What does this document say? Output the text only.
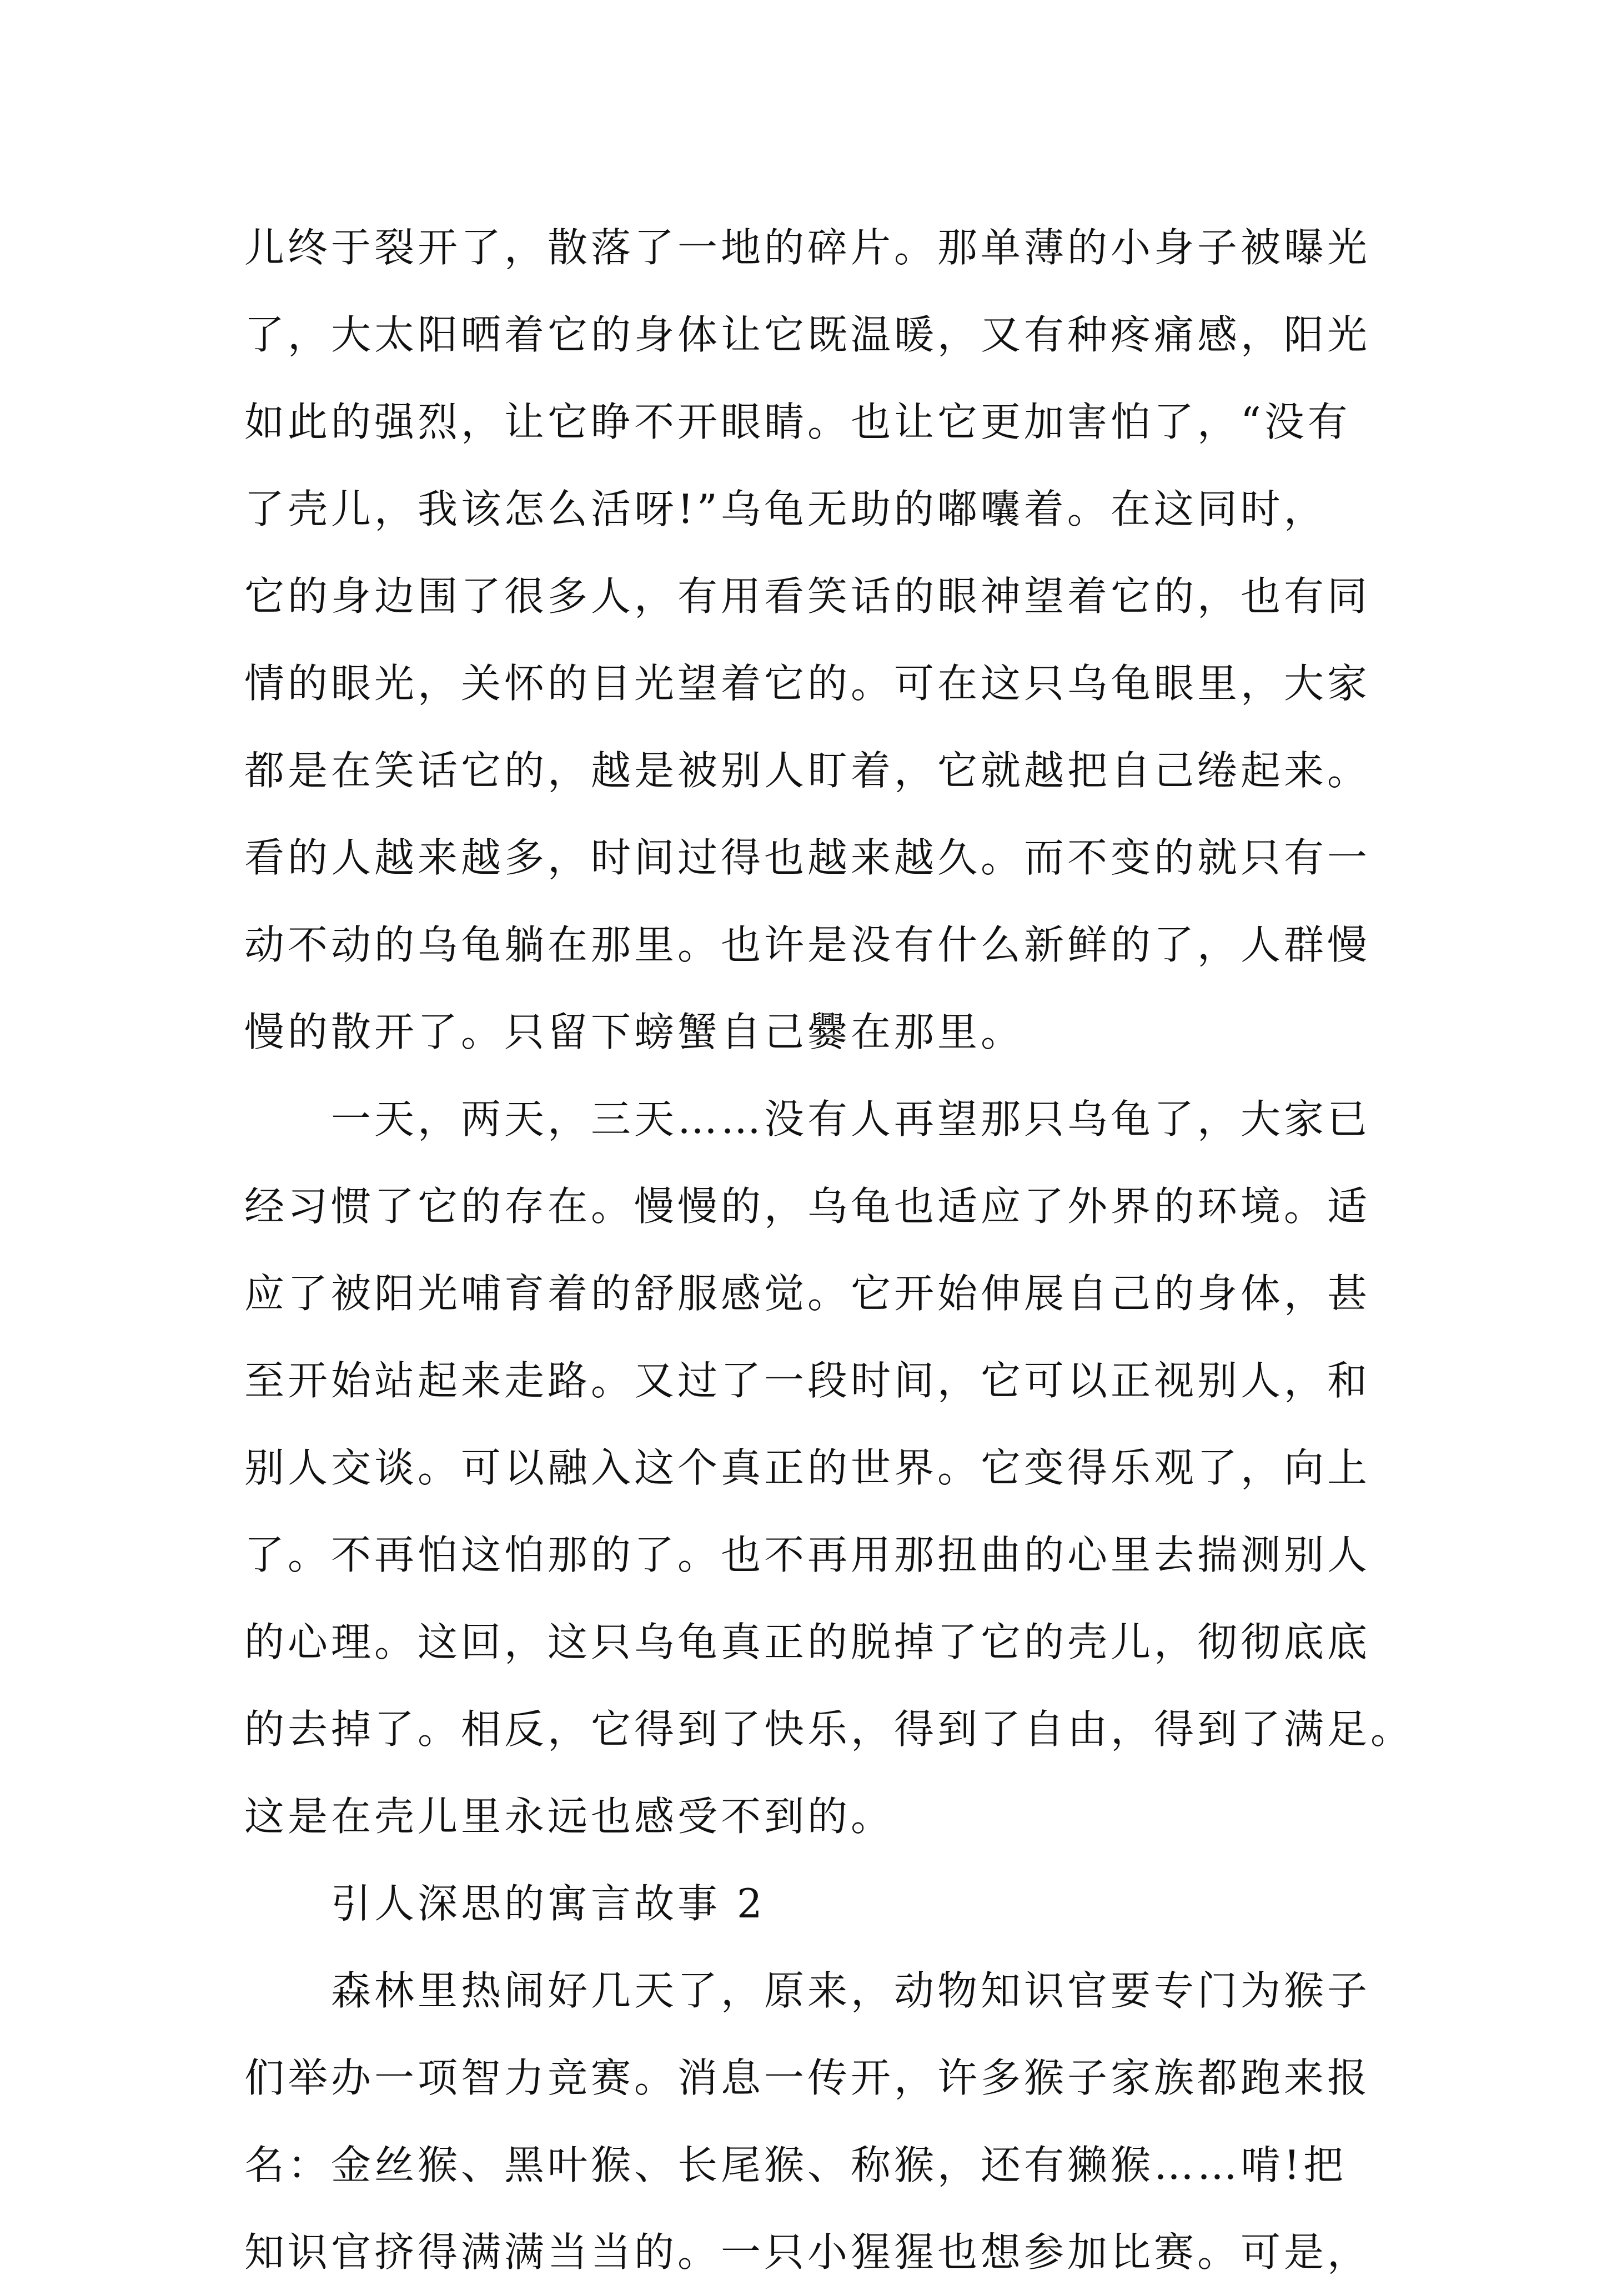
儿终于裂开了，散落了一地的碎片。那单薄的小身子被曝光
了，大太阳晒着它的身体让它既温暖，又有种疼痛感，阳光
如此的强烈，让它睁不开眼睛。也让它更加害怕了，“没有
了壳儿，我该怎么活呀!”乌龟无助的嘟囔着。在这同时，
它的身边围了很多人，有用看笑话的眼神望着它的，也有同
情的眼光，关怀的目光望着它的。可在这只乌龟眼里，大家
都是在笑话它的，越是被别人盯着，它就越把自己绻起来。
看的人越来越多，时间过得也越来越久。而不变的就只有一
动不动的乌龟躺在那里。也许是没有什么新鲜的了，人群慢
慢的散开了。只留下螃蟹自己爨在那里。
　　一天，两天，三天……没有人再望那只乌龟了，大家已
经习惯了它的存在。慢慢的，乌龟也适应了外界的环境。适
应了被阳光哺育着的舒服感觉。它开始伸展自己的身体，甚
至开始站起来走路。又过了一段时间，它可以正视别人，和
别人交谈。可以融入这个真正的世界。它变得乐观了，向上
了。不再怕这怕那的了。也不再用那扭曲的心里去揣测别人
的心理。这回，这只乌龟真正的脱掉了它的壳儿，彻彻底底
的去掉了。相反，它得到了快乐，得到了自由，得到了满足。
这是在壳儿里永远也感受不到的。
　　引人深思的寓言故事 2
　　森林里热闹好几天了，原来，动物知识官要专门为猴子
们举办一项智力竞赛。消息一传开，许多猴子家族都跑来报
名：金丝猴、黑叶猴、长尾猴、称猴，还有獭猴……啃!把
知识官挤得满满当当的。一只小猩猩也想参加比赛。可是，
